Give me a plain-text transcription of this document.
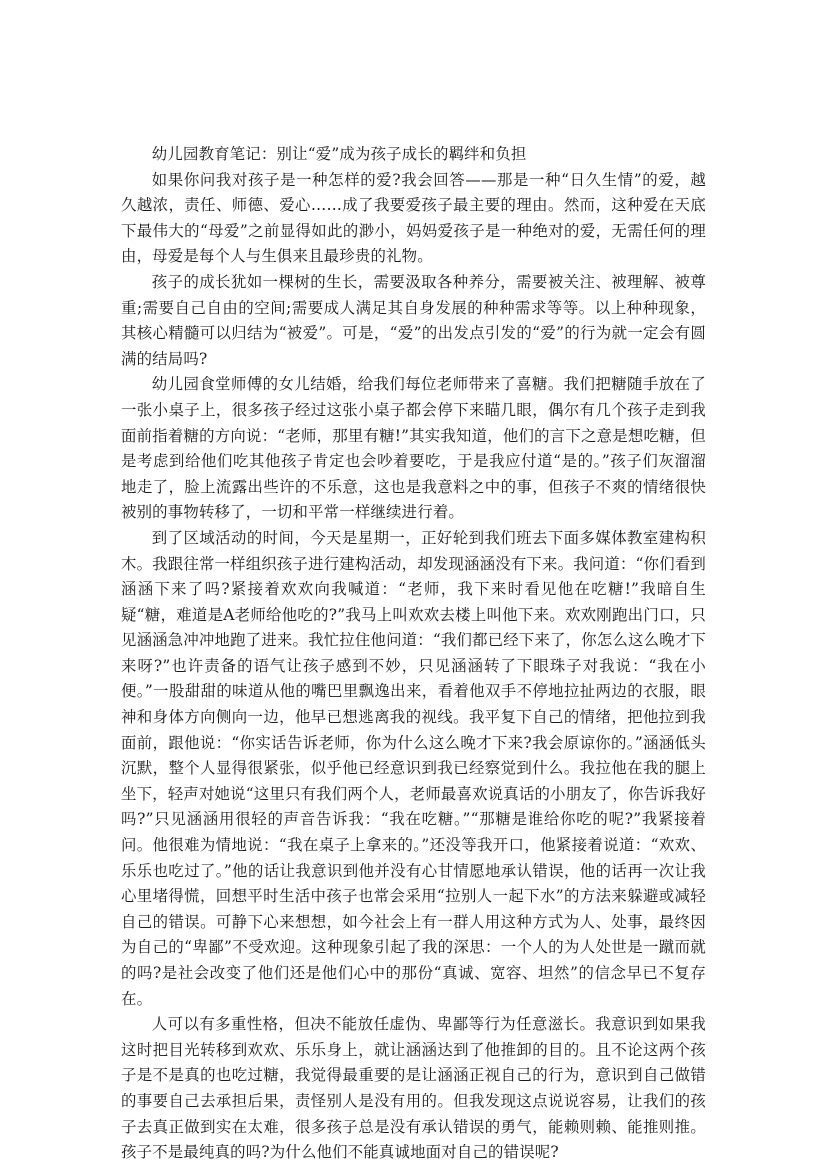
幼儿园教育笔记：别让“爱”成为孩子成长的羁绊和负担

如果你问我对孩子是一种怎样的爱?我会回答——那是一种“日久生情”的爱，越久越浓，责任、师德、爱心……成了我要爱孩子最主要的理由。然而，这种爱在天底下最伟大的“母爱”之前显得如此的渺小，妈妈爱孩子是一种绝对的爱，无需任何的理由，母爱是每个人与生俱来且最珍贵的礼物。

孩子的成长犹如一棵树的生长，需要汲取各种养分，需要被关注、被理解、被尊重;需要自己自由的空间;需要成人满足其自身发展的种种需求等等。以上种种现象，其核心精髓可以归结为“被爱”。可是，“爱”的出发点引发的“爱”的行为就一定会有圆满的结局吗?

幼儿园食堂师傅的女儿结婚，给我们每位老师带来了喜糖。我们把糖随手放在了一张小桌子上，很多孩子经过这张小桌子都会停下来瞄几眼，偶尔有几个孩子走到我面前指着糖的方向说：“老师，那里有糖!”其实我知道，他们的言下之意是想吃糖，但是考虑到给他们吃其他孩子肯定也会吵着要吃，于是我应付道“是的。”孩子们灰溜溜地走了，脸上流露出些许的不乐意，这也是我意料之中的事，但孩子不爽的情绪很快被别的事物转移了，一切和平常一样继续进行着。

到了区域活动的时间，今天是星期一，正好轮到我们班去下面多媒体教室建构积木。我跟往常一样组织孩子进行建构活动，却发现涵涵没有下来。我问道：“你们看到涵涵下来了吗?紧接着欢欢向我喊道：“老师，我下来时看见他在吃糖!”我暗自生疑“糖，难道是A老师给他吃的?”我马上叫欢欢去楼上叫他下来。欢欢刚跑出门口，只见涵涵急冲冲地跑了进来。我忙拉住他问道：“我们都已经下来了，你怎么这么晚才下来呀?”也许责备的语气让孩子感到不妙，只见涵涵转了下眼珠子对我说：“我在小便。”一股甜甜的味道从他的嘴巴里飘逸出来，看着他双手不停地拉扯两边的衣服，眼神和身体方向侧向一边，他早已想逃离我的视线。我平复下自己的情绪，把他拉到我面前，跟他说：“你实话告诉老师，你为什么这么晚才下来?我会原谅你的。”涵涵低头沉默，整个人显得很紧张，似乎他已经意识到我已经察觉到什么。我拉他在我的腿上坐下，轻声对她说“这里只有我们两个人，老师最喜欢说真话的小朋友了，你告诉我好吗?”只见涵涵用很轻的声音告诉我：“我在吃糖。”“那糖是谁给你吃的呢?”我紧接着问。他很难为情地说：“我在桌子上拿来的。”还没等我开口，他紧接着说道：“欢欢、乐乐也吃过了。”他的话让我意识到他并没有心甘情愿地承认错误，他的话再一次让我心里堵得慌，回想平时生活中孩子也常会采用“拉别人一起下水”的方法来躲避或减轻自己的错误。可静下心来想想，如今社会上有一群人用这种方式为人、处事，最终因为自己的“卑鄙”不受欢迎。这种现象引起了我的深思：一个人的为人处世是一蹴而就的吗?是社会改变了他们还是他们心中的那份“真诚、宽容、坦然”的信念早已不复存在。

人可以有多重性格，但决不能放任虚伪、卑鄙等行为任意滋长。我意识到如果我这时把目光转移到欢欢、乐乐身上，就让涵涵达到了他推卸的目的。且不论这两个孩子是不是真的也吃过糖，我觉得最重要的是让涵涵正视自己的行为，意识到自己做错的事要自己去承担后果，责怪别人是没有用的。但我发现这点说说容易，让我们的孩子去真正做到实在太难，很多孩子总是没有承认错误的勇气，能赖则赖、能推则推。孩子不是最纯真的吗?为什么他们不能真诚地面对自己的错误呢?
